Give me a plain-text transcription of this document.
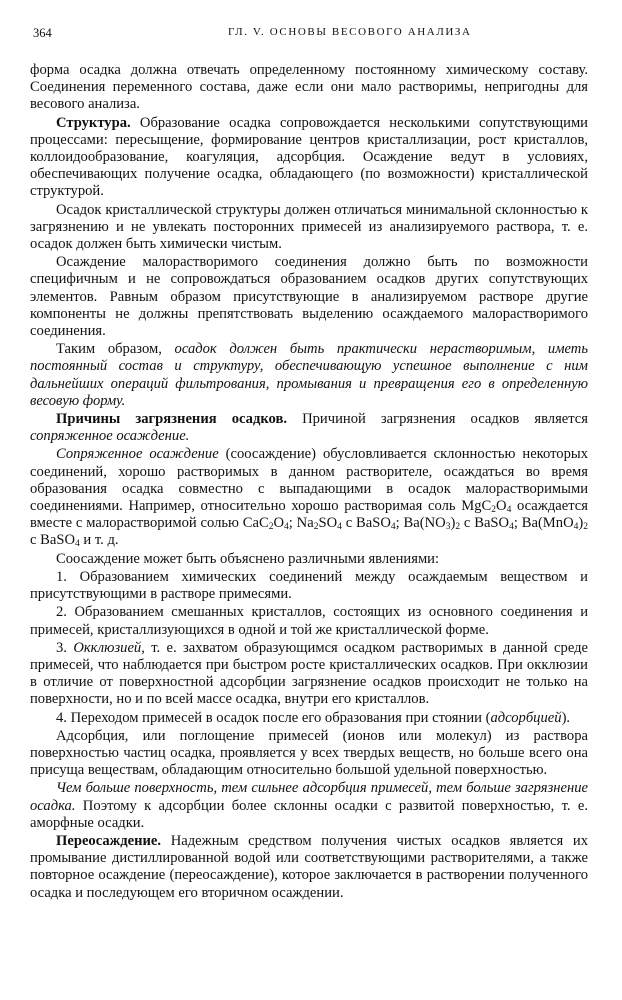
364	ГЛ. V. ОСНОВЫ ВЕСОВОГО АНАЛИЗА

форма осадка должна отвечать определенному постоянному химическому составу. Соединения переменного состава, даже если они мало растворимы, непригодны для весового анализа.

Структура. Образование осадка сопровождается несколькими сопутствующими процессами: пересыщение, формирование центров кристаллизации, рост кристаллов, коллоидообразование, коагуляция, адсорбция. Осаждение ведут в условиях, обеспечивающих получение осадка, обладающего (по возможности) кристаллической структурой.

Осадок кристаллической структуры должен отличаться минимальной склонностью к загрязнению и не увлекать посторонних примесей из анализируемого раствора, т. е. осадок должен быть химически чистым.

Осаждение малорастворимого соединения должно быть по возможности специфичным и не сопровождаться образованием осадков других сопутствующих элементов. Равным образом присутствующие в анализируемом растворе другие компоненты не должны препятствовать выделению осаждаемого малорастворимого соединения.

Таким образом, осадок должен быть практически нерастворимым, иметь постоянный состав и структуру, обеспечивающую успешное выполнение с ним дальнейших операций фильтрования, промывания и превращения его в определенную весовую форму.

Причины загрязнения осадков. Причиной загрязнения осадков является сопряженное осаждение.

Сопряженное осаждение (соосаждение) обусловливается склонностью некоторых соединений, хорошо растворимых в данном растворителе, осаждаться во время образования осадка совместно с выпадающими в осадок малорастворимыми соединениями. Например, относительно хорошо растворимая соль $MgC_2O_4$ осаждается вместе с малорастворимой солью $CaC_2O_4$; $Na_2SO_4$ с BaSO$_4$; $Ba(NO_3)_2$ с BaSO$_4$; $Ba(MnO_4)_2$ с BaSO$_4$ и т. д.

Соосаждение может быть объяснено различными явлениями:

1. Образованием химических соединений между осаждаемым веществом и присутствующими в растворе примесями.

2. Образованием смешанных кристаллов, состоящих из основного соединения и примесей, кристаллизующихся в одной и той же кристаллической форме.

3. Окклюзией, т. е. захватом образующимся осадком растворимых в данной среде примесей, что наблюдается при быстром росте кристаллических осадков. При окклюзии в отличие от поверхностной адсорбции загрязнение осадков происходит не только на поверхности, но и по всей массе осадка, внутри его кристаллов.

4. Переходом примесей в осадок после его образования при стоянии (адсорбцией).

Адсорбция, или поглощение примесей (ионов или молекул) из раствора поверхностью частиц осадка, проявляется у всех твердых веществ, но больше всего она присуща веществам, обладающим относительно большой удельной поверхностью.

Чем больше поверхность, тем сильнее адсорбция примесей, тем больше загрязнение осадка. Поэтому к адсорбции более склонны осадки с развитой поверхностью, т. е. аморфные осадки.

Переосаждение. Надежным средством получения чистых осадков является их промывание дистиллированной водой или соответствующими растворителями, а также повторное осаждение (переосаждение), которое заключается в растворении полученного осадка и последующем его вторичном осаждении.
